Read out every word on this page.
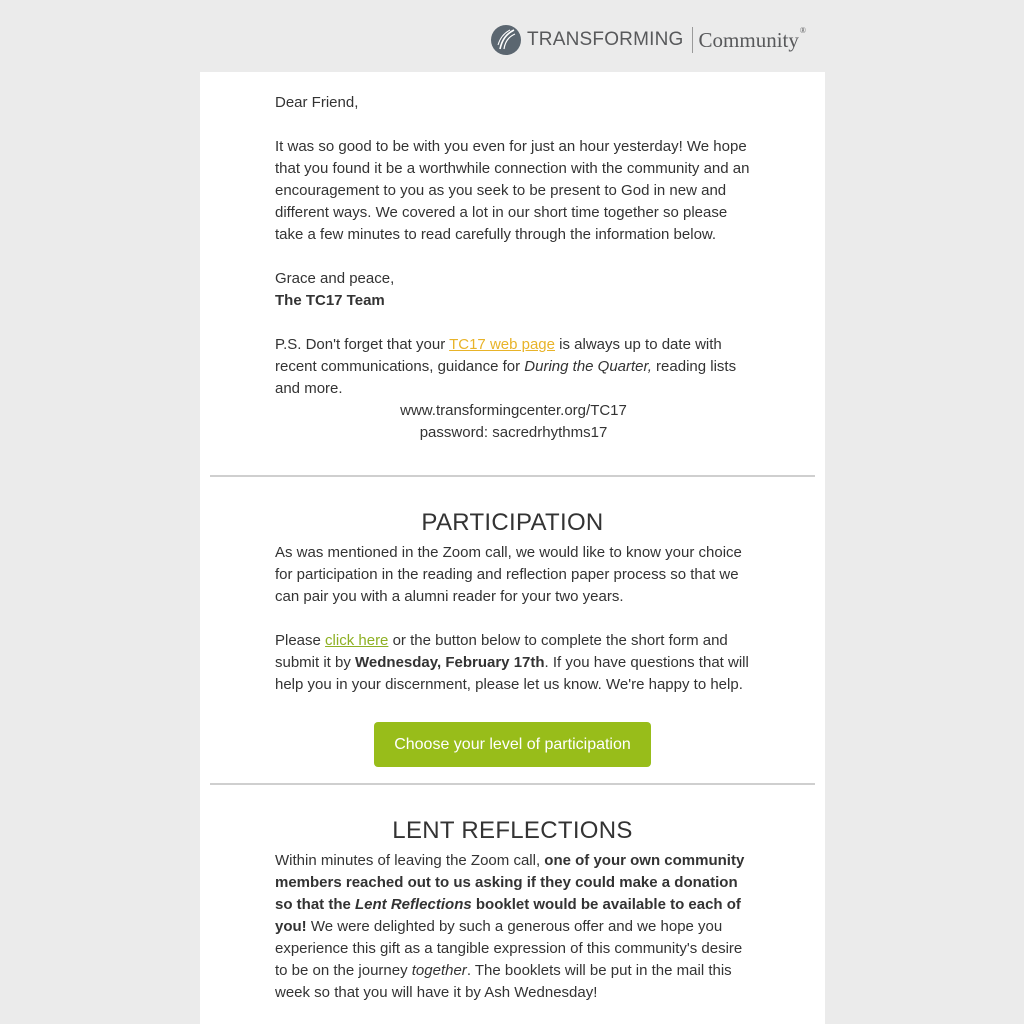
TRANSFORMING Community®

Dear Friend,

It was so good to be with you even for just an hour yesterday! We hope that you found it be a worthwhile connection with the community and an encouragement to you as you seek to be present to God in new and different ways. We covered a lot in our short time together so please take a few minutes to read carefully through the information below.

Grace and peace,

The TC17 Team

P.S. Don't forget that your TC17 web page is always up to date with recent communications, guidance for During the Quarter, reading lists and more.

www.transformingcenter.org/TC17

password: sacredrhythms17

PARTICIPATION

As was mentioned in the Zoom call, we would like to know your choice for participation in the reading and reflection paper process so that we can pair you with a alumni reader for your two years.

Please click here or the button below to complete the short form and submit it by Wednesday, February 17th. If you have questions that will help you in your discernment, please let us know. We're happy to help.

Choose your level of participation
LENT REFLECTIONS

Within minutes of leaving the Zoom call, one of your own community members reached out to us asking if they could make a donation so that the Lent Reflections booklet would be available to each of you! We were delighted by such a generous offer and we hope you experience this gift as a tangible expression of this community's desire to be on the journey together. The booklets will be put in the mail this week so that you will have it by Ash Wednesday!
